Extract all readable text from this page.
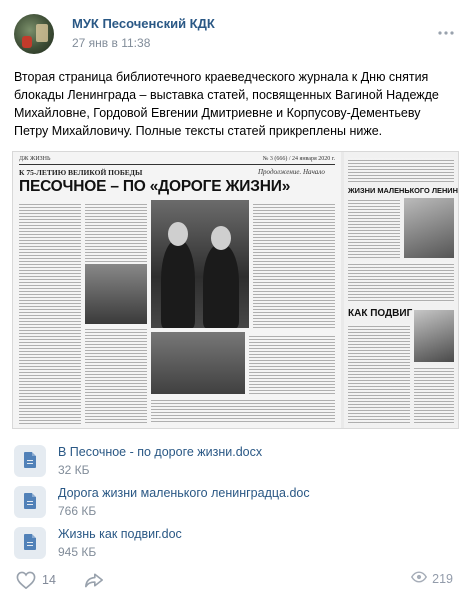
МУК Песоченский КДК
27 янв в 11:38
Вторая страница библиотечного краеведческого журнала к Дню снятия блокады Ленинграда – выставка статей, посвященных Вагиной Надежде Михайловне, Гордовой Евгении Дмитриевне и Корпусову-Дементьеву Петру Михайловичу. Полные тексты статей прикреплены ниже.
ДЖ ЖИЗНЬ	№ 3 (666) / 24 января 2020 г.
К 75-ЛЕТИЮ ВЕЛИКОЙ ПОБЕДЫ	Продолжение. Начало
ПЕСОЧНОЕ – ПО «ДОРОГЕ ЖИЗНИ»	ЖИЗНИ МАЛЕНЬКОГО ЛЕНИН
КАК ПОДВИГ
В Песочное - по дороге жизни.docx
32 КБ
Дорога жизни маленького ленинградца.doc
766 КБ
Жизнь как подвиг.doc
945 КБ
14	219
